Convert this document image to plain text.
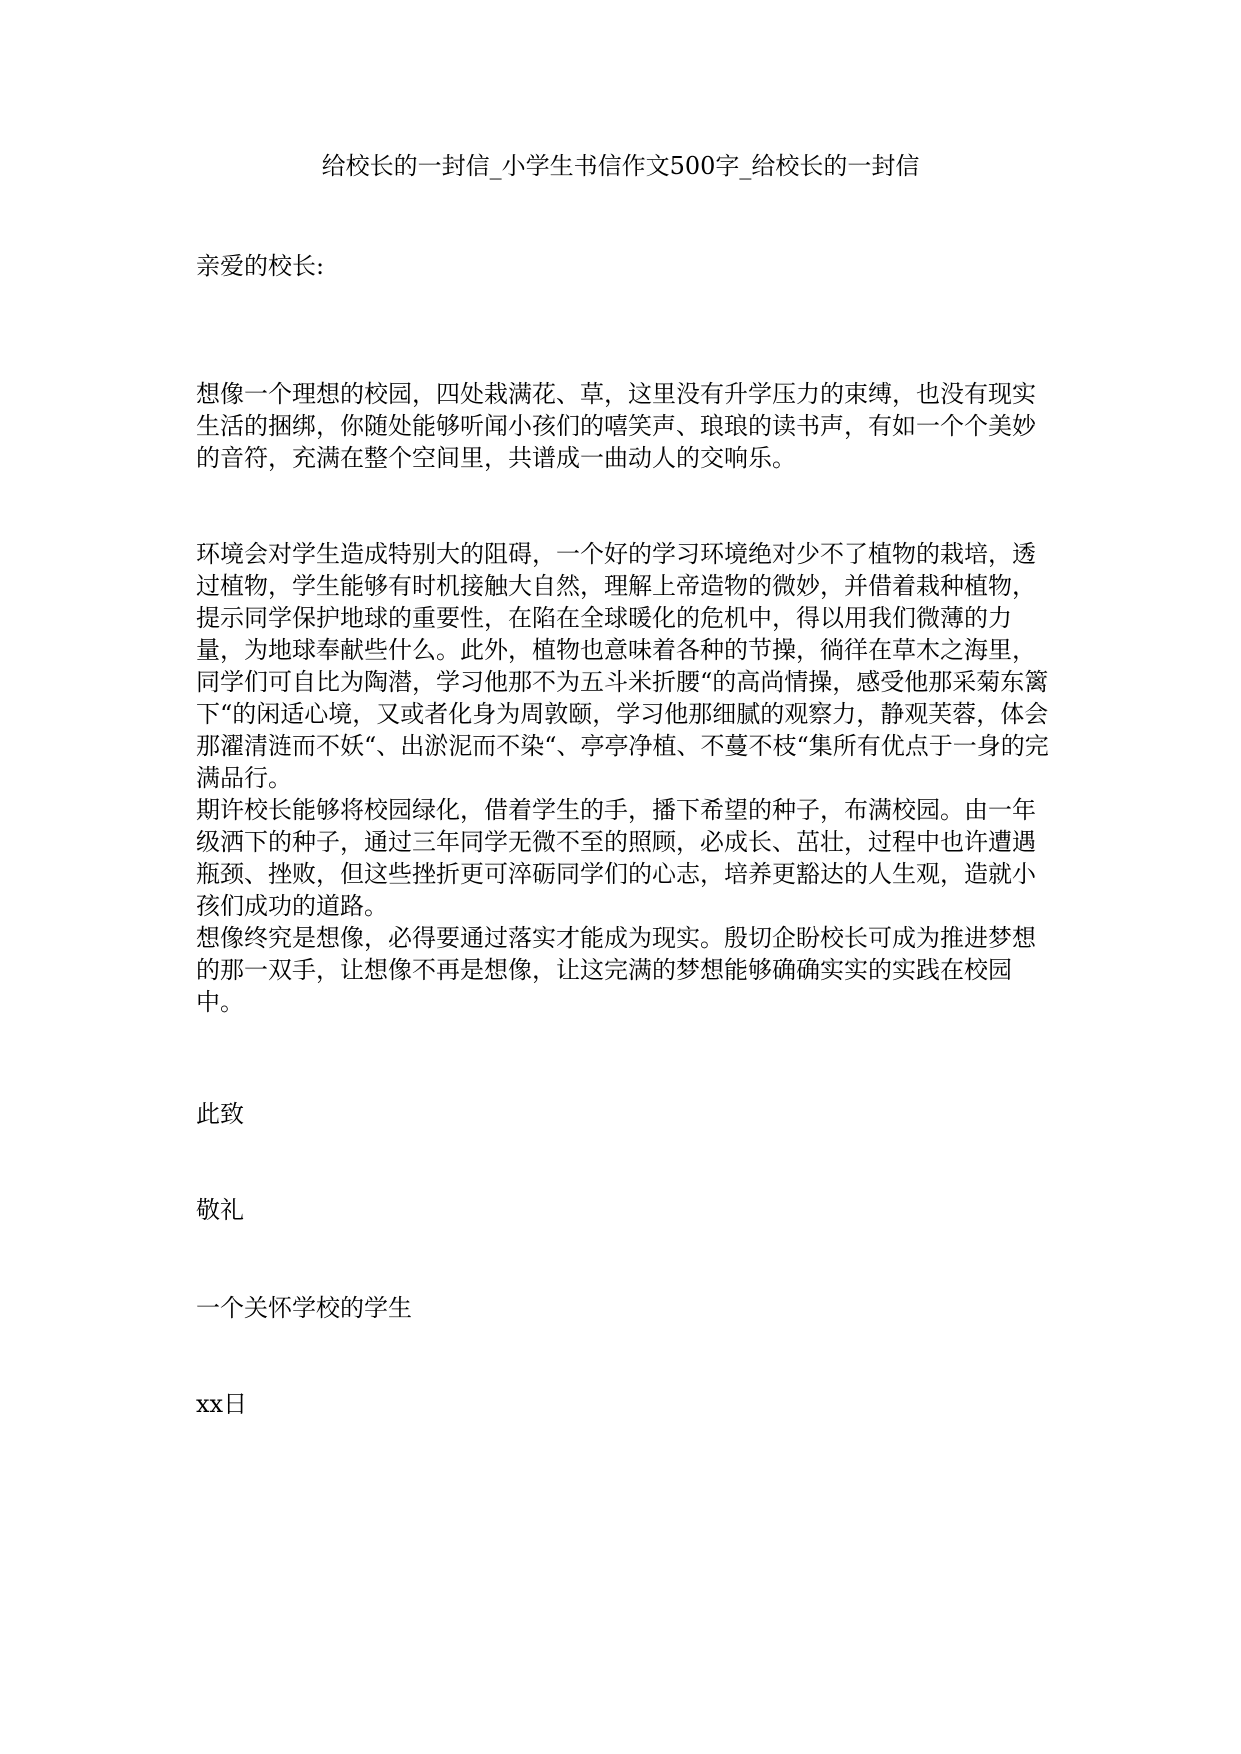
给校长的一封信_小学生书信作文500字_给校长的一封信

亲爱的校长:

想像一个理想的校园，四处栽满花、草，这里没有升学压力的束缚，也没有现实生活的捆绑，你随处能够听闻小孩们的嘻笑声、琅琅的读书声，有如一个个美妙的音符，充满在整个空间里，共谱成一曲动人的交响乐。

环境会对学生造成特别大的阻碍，一个好的学习环境绝对少不了植物的栽培，透过植物，学生能够有时机接触大自然，理解上帝造物的微妙，并借着栽种植物，提示同学保护地球的重要性，在陷在全球暖化的危机中，得以用我们微薄的力量，为地球奉献些什么。此外，植物也意味着各种的节操，徜徉在草木之海里，同学们可自比为陶潜，学习他那不为五斗米折腰“的高尚情操，感受他那采菊东篱下“的闲适心境，又或者化身为周敦颐，学习他那细腻的观察力，静观芙蓉，体会那濯清涟而不妖“、出淤泥而不染“、亭亭净植、不蔓不枝“集所有优点于一身的完满品行。

期许校长能够将校园绿化，借着学生的手，播下希望的种子，布满校园。由一年级洒下的种子，通过三年同学无微不至的照顾，必成长、茁壮，过程中也许遭遇瓶颈、挫败，但这些挫折更可淬砺同学们的心志，培养更豁达的人生观，造就小孩们成功的道路。

想像终究是想像，必得要通过落实才能成为现实。殷切企盼校长可成为推进梦想的那一双手，让想像不再是想像，让这完满的梦想能够确确实实的实践在校园中。

此致

敬礼

一个关怀学校的学生

xx日
